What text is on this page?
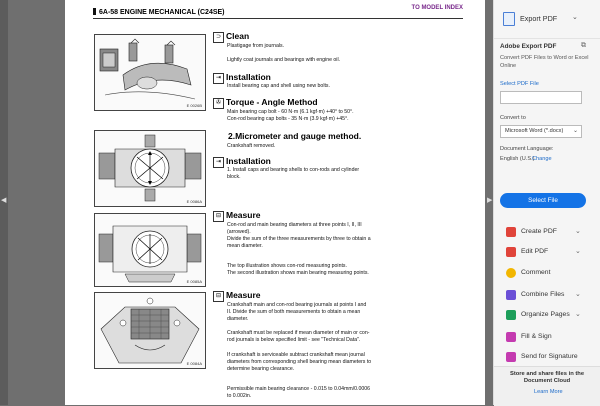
◀
6A-58 ENGINE MECHANICAL (C24SE)
TO MODEL INDEX
E 0026B
E 0086A
E 0085A
E 0084A
⊃ Clean
Plastigage from journals.
Lightly coat journals and bearings with engine oil.
⇥ Installation
Install bearing cap and shell using new bolts.
✇ Torque - Angle Method
Main bearing cap bolt - 60 N·m (6.1 kgf·m) +40° to 50°.
Con-rod bearing cap bolts - 35 N·m (3.9 kgf·m) +45°.
2.Micrometer and gauge method.
Crankshaft removed.
⇥ Installation
1. Install caps and bearing shells to con-rods and cylinder
block.
⊟ Measure
Con-rod and main bearing diameters at three points I, II, III
(arrowed).
Divide the sum of the three measurements by three to obtain a
mean diameter.
The top illustration shows con-rod measuring points.
The second illustration shows main bearing measuring points.
⊟ Measure
Crankshaft main and con-rod bearing journals at points I and
II. Divide the sum of both measurements to obtain a mean
diameter.
Crankshaft must be replaced if mean diameter of main or con-
rod journals is below specified limit - see "Technical Data".
If crankshaft is serviceable subtract crankshaft mean journal
diameters from corresponding shell bearing mean diameters to
determine bearing clearance.
Permissible main bearing clearance - 0.015 to 0.04mm/0.0006
to 0.002in.
▶
Export PDF ⌄
Adobe Export PDF	⧉
Convert PDF Files to Word or Excel Online
Select PDF File
Convert to
Microsoft Word (*.docx) ⌄
Document Language:
English (U.S.)
Change
Select File
Create PDF	⌄
Edit PDF	⌄
Comment
Combine Files ⌄
Organize Pages ⌄
Fill & Sign
Send for Signature
Store and share files in the Document Cloud
Learn More
